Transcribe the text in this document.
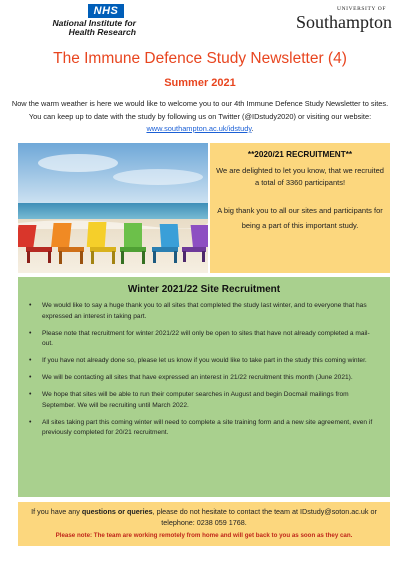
NHS
National Institute for
Health Research
UNIVERSITY OF
Southampton
The Immune Defence Study Newsletter (4)
Summer 2021
Now the warm weather is here we would like to welcome you to our 4th Immune Defence Study Newsletter to sites. You can keep up to date with the study by following us on Twitter (@IDstudy2020) or visiting our website: www.southampton.ac.uk/idstudy.
**2020/21 RECRUITMENT**
We are delighted to let you know, that we recruited a total of 3360 participants!
A big thank you to all our sites and participants for being a part of this important study.
Winter 2021/22 Site Recruitment
• We would like to say a huge thank you to all sites that completed the study last winter, and to everyone that has expressed an interest in taking part.
• Please note that recruitment for winter 2021/22 will only be open to sites that have not already completed a mail-out.
• If you have not already done so, please let us know if you would like to take part in the study this coming winter.
• We will be contacting all sites that have expressed an interest in 21/22 recruitment this month (June 2021).
• We hope that sites will be able to run their computer searches in August and begin Docmail mailings from September. We will be recruiting until March 2022.
• All sites taking part this coming winter will need to complete a site training form and a new site agreement, even if previously completed for 20/21 recruitment.
If you have any questions or queries, please do not hesitate to contact the team at IDstudy@soton.ac.uk or telephone: 0238 059 1768.
Please note: The team are working remotely from home and will get back to you as soon as they can.
